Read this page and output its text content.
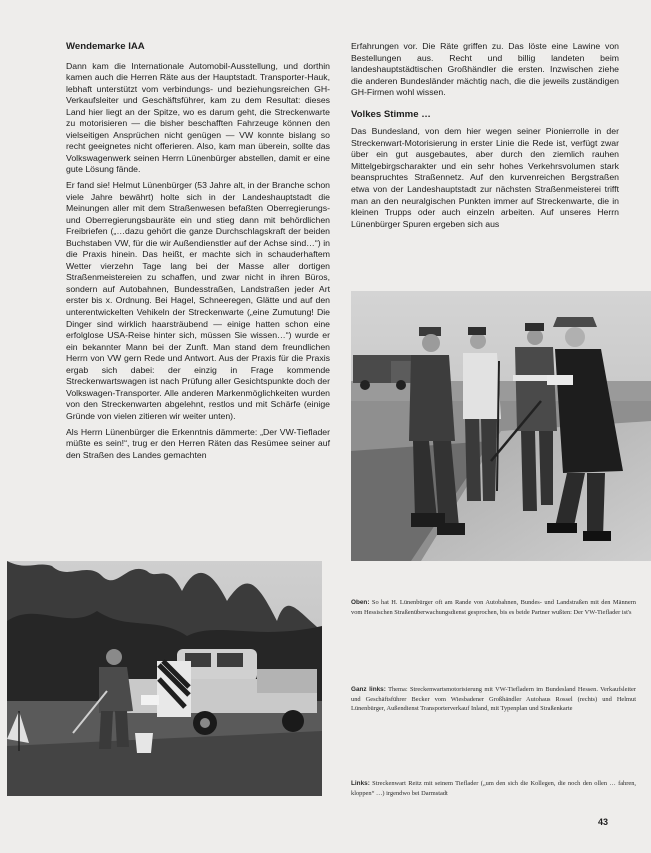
Wendemarke IAA

Dann kam die Internationale Automobil-Ausstellung, und dorthin kamen auch die Herren Räte aus der Hauptstadt. Transporter-Hauk, lebhaft unterstützt vom verbindungs- und beziehungsreichen GH-Verkaufsleiter und Geschäftsführer, kam zu dem Resultat: dieses Land hier liegt an der Spitze, wo es darum geht, die Streckenwarte zu motorisieren — die bisher beschafften Fahrzeuge können den vielseitigen Ansprüchen nicht genügen — VW konnte bislang so recht geeignetes nicht offerieren. Also, kam man überein, sollte das Volkswagenwerk seinen Herrn Lünenbürger abstellen, damit er eine gute Lösung fände.

Er fand sie! Helmut Lünenbürger (53 Jahre alt, in der Branche schon viele Jahre bewährt) holte sich in der Landeshauptstadt die Meinungen aller mit dem Straßenwesen befaßten Oberregierungs- und Oberregierungsbauräte ein und stieg dann mit behördlichen Freibriefen („…dazu gehört die ganze Durchschlagskraft der beiden Buchstaben VW, für die wir Außendienstler auf der Achse sind…“) in die Praxis hinein. Das heißt, er machte sich in schauderhaftem Wetter vierzehn Tage lang bei der Masse aller dortigen Straßenmeistereien zu schaffen, und zwar nicht in ihren Büros, sondern auf Autobahnen, Bundesstraßen, Landstraßen jeder Art erster bis x. Ordnung. Bei Hagel, Schneeregen, Glätte und auf den unterentwickelten Vehikeln der Streckenwarte („eine Zumutung! Die Dinger sind wirklich haarsträubend — einige hatten schon eine erfolglose USA-Reise hinter sich, müssen Sie wissen…“) wurde er ein bekannter Mann bei der Zunft. Man stand dem freundlichen Herrn von VW gern Rede und Antwort. Aus der Praxis für die Praxis ergab sich dabei: der einzig in Frage kommende Streckenwartswagen ist nach Prüfung aller Gesichtspunkte doch der Volkswagen-Transporter. Alle anderen Markenmöglichkeiten wurden von den Streckenwarten abgelehnt, restlos und mit Schärfe (einige Gründe von vielen zitieren wir weiter unten).

Als Herrn Lünenbürger die Erkenntnis dämmerte: „Der VW-Tieflader müßte es sein!“, trug er den Herren Räten das Resümee seiner auf den Straßen des Landes gemachten

Erfahrungen vor. Die Räte griffen zu. Das löste eine Lawine von Bestellungen aus. Recht und billig landeten beim landeshauptstädtischen Großhändler die ersten. Inzwischen ziehe die anderen Bundesländer mächtig nach, die die jeweils zuständigen GH-Firmen wohl wissen.

Volkes Stimme …

Das Bundesland, von dem hier wegen seiner Pionierrolle in der Streckenwart-Motorisierung in erster Linie die Rede ist, verfügt zwar über ein gut ausgebautes, aber durch den ziemlich rauhen Mittelgebirgscharakter und ein sehr hohes Verkehrsvolumen stark beanspruchtes Straßennetz. Auf den kurvenreichen Bergstraßen etwa von der Landeshauptstadt zur nächsten Straßenmeisterei trifft man an den neuralgischen Punkten immer auf Streckenwarte, die in kleinen Trupps oder auch einzeln arbeiten. Auf unseres Herrn Lünenbürger Spuren ergeben sich aus

Oben: So hat H. Lünenbürger oft am Rande von Autobahnen, Bundes- und Landstraßen mit den Männern vom Hessischen Straßenüberwachungsdienst gesprochen, bis es beide Partner wußten: Der VW-Tieflader ist's
Ganz links: Thema: Streckenwartsmotorisierung mit VW-Tiefladern im Bundesland Hessen. Verkaufsleiter und Geschäftsführer Becker vom Wiesbadener Großhändler Autohaus Rossel (rechts) und Helmut Lünenbürger, Außendienst Transporterverkauf Inland, mit Typenplan und Straßenkarte
Links: Streckenwart Reitz mit seinem Tieflader („um den sich die Kollegen, die noch den ollen … fahren, kloppen“ …) irgendwo bei Darmstadt
43
